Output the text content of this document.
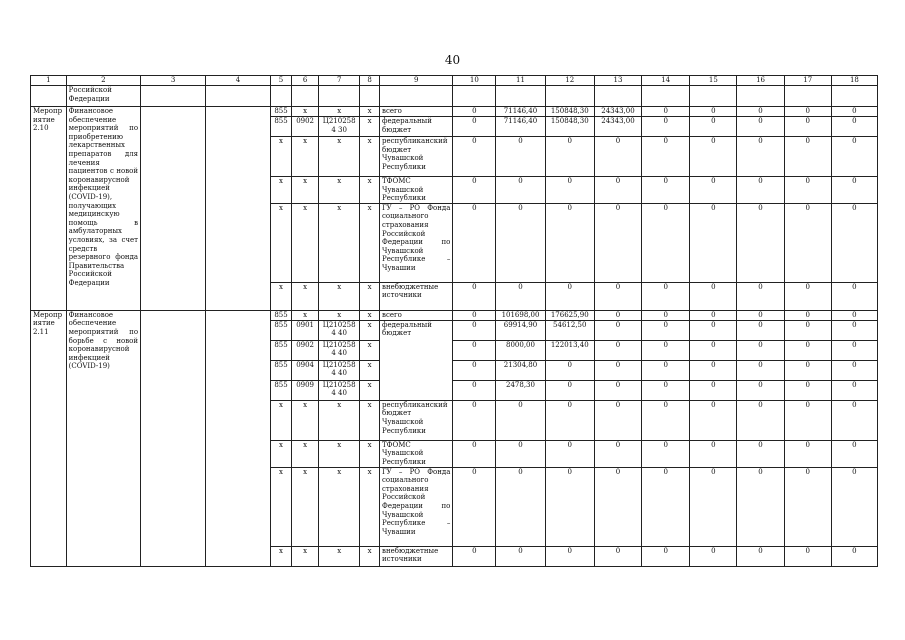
40
1	2	3	4	5	6	7	8	9	10	11	12	13	14	15	16	17	18
	Российской Федерации																
Мероприятие 2.10	Финансовое обеспечение мероприятий по приобретению лекарственных препаратов для лечения пациентов с новой коронавирусной инфекцией (COVID-19), получающих медицинскую помощь в амбулаторных условиях, за счет средств резервного фонда Правительства Российской Федерации			855	x	x	x	всего	0	71146,40	150848,30	24343,00	0	0	0	0	0
				855	0902	Ц2102584 30	x	федеральный бюджет	0	71146,40	150848,30	24343,00	0	0	0	0	0
				x	x	x	x	республиканский бюджет Чувашской Республики	0	0	0	0	0	0	0	0	0
				x	x	x	x	ТФОМС Чувашской Республики	0	0	0	0	0	0	0	0	0
				x	x	x	x	ГУ – РО Фонда социального страхования Российской Федерации по Чувашской Республике – Чувашии	0	0	0	0	0	0	0	0	0
				x	x	x	x	внебюджетные источники	0	0	0	0	0	0	0	0	0
Мероприятие 2.11	Финансовое обеспечение мероприятий по борьбе с новой коронавирусной инфекцией (COVID-19)			855	x	x	x	всего	0	101698,00	176625,90	0	0	0	0	0	0
				855	0901	Ц2102584 40	x	федеральный бюджет	0	69914,90	54612,50	0	0	0	0	0	0
				855	0902	Ц2102584 40	x		0	8000,00	122013,40	0	0	0	0	0	0
				855	0904	Ц2102584 40	x		0	21304,80	0	0	0	0	0	0	0
				855	0909	Ц2102584 40	x		0	2478,30	0	0	0	0	0	0	0
				x	x	x	x	республиканский бюджет Чувашской Республики	0	0	0	0	0	0	0	0	0
				x	x	x	x	ТФОМС Чувашской Республики	0	0	0	0	0	0	0	0	0
				x	x	x	x	ГУ – РО Фонда социального страхования Российской Федерации по Чувашской Республике – Чувашии	0	0	0	0	0	0	0	0	0
				x	x	x	x	внебюджетные источники	0	0	0	0	0	0	0	0	0
